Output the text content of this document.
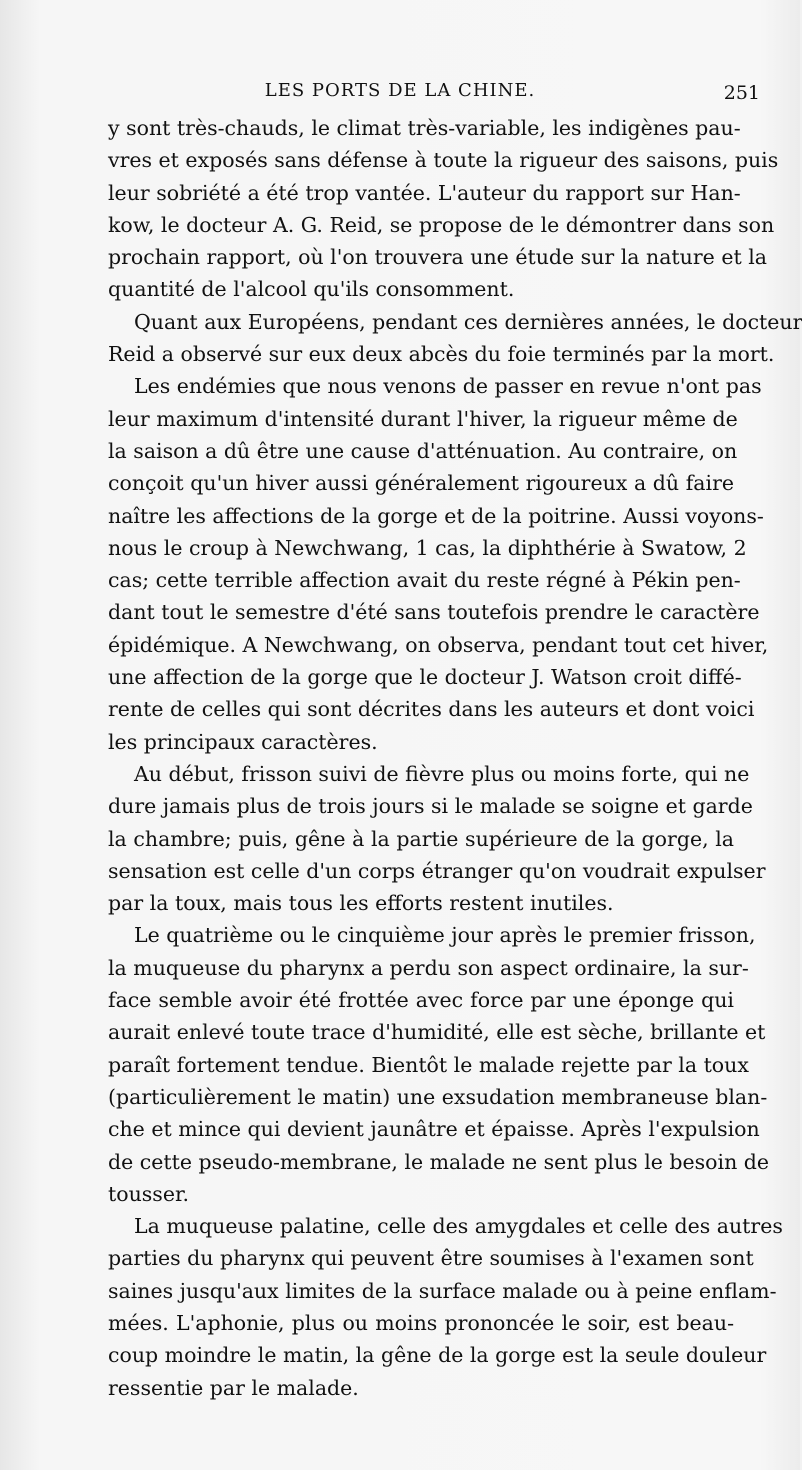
LES PORTS DE LA CHINE.	251
y sont très-chauds, le climat très-variable, les indigènes pau-
vres et exposés sans défense à toute la rigueur des saisons, puis
leur sobriété a été trop vantée. L'auteur du rapport sur Han-
kow, le docteur A. G. Reid, se propose de le démontrer dans son
prochain rapport, où l'on trouvera une étude sur la nature et la
quantité de l'alcool qu'ils consomment.
Quant aux Européens, pendant ces dernières années, le docteur
Reid a observé sur eux deux abcès du foie terminés par la mort.
Les endémies que nous venons de passer en revue n'ont pas
leur maximum d'intensité durant l'hiver, la rigueur même de
la saison a dû être une cause d'atténuation. Au contraire, on
conçoit qu'un hiver aussi généralement rigoureux a dû faire
naître les affections de la gorge et de la poitrine. Aussi voyons-
nous le croup à Newchwang, 1 cas, la diphthérie à Swatow, 2
cas; cette terrible affection avait du reste régné à Pékin pen-
dant tout le semestre d'été sans toutefois prendre le caractère
épidémique. A Newchwang, on observa, pendant tout cet hiver,
une affection de la gorge que le docteur J. Watson croit diffé-
rente de celles qui sont décrites dans les auteurs et dont voici
les principaux caractères.
Au début, frisson suivi de fièvre plus ou moins forte, qui ne
dure jamais plus de trois jours si le malade se soigne et garde
la chambre; puis, gêne à la partie supérieure de la gorge, la
sensation est celle d'un corps étranger qu'on voudrait expulser
par la toux, mais tous les efforts restent inutiles.
Le quatrième ou le cinquième jour après le premier frisson,
la muqueuse du pharynx a perdu son aspect ordinaire, la sur-
face semble avoir été frottée avec force par une éponge qui
aurait enlevé toute trace d'humidité, elle est sèche, brillante et
paraît fortement tendue. Bientôt le malade rejette par la toux
(particulièrement le matin) une exsudation membraneuse blan-
che et mince qui devient jaunâtre et épaisse. Après l'expulsion
de cette pseudo-membrane, le malade ne sent plus le besoin de
tousser.
La muqueuse palatine, celle des amygdales et celle des autres
parties du pharynx qui peuvent être soumises à l'examen sont
saines jusqu'aux limites de la surface malade ou à peine enflam-
mées. L'aphonie, plus ou moins prononcée le soir, est beau-
coup moindre le matin, la gêne de la gorge est la seule douleur
ressentie par le malade.
